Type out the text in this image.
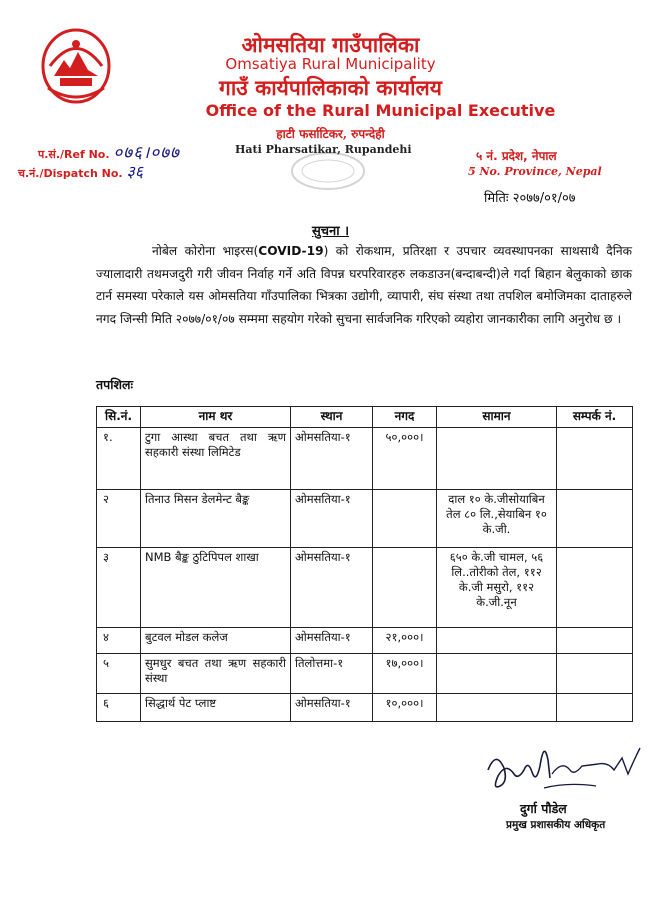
ओमसतिया गाउँपालिका
Omsatiya Rural Municipality
गाउँ कार्यपालिकाको कार्यालय
Office of the Rural Municipal Executive
हाटी फर्साटिकर, रुपन्देही
प.सं./Ref No. ०७६।०७७
च.नं./Dispatch No. ३६
Hati Pharsatikar, Rupandehi	५ नं. प्रदेश, नेपाल
5 No. Province, Nepal
मितिः २०७७/०१/०७
सुचना ।
नोबेल कोरोना भाइरस(COVID-19) को रोकथाम, प्रतिरक्षा र उपचार व्यवस्थापनका साथसाथै दैनिक ज्यालादारी तथमजदुरी गरी जीवन निर्वाह गर्ने अति विपन्न घरपरिवारहरु लकडाउन(बन्दाबन्दी)ले गर्दा बिहान बेलुकाको छाक टार्न समस्या परेकाले यस ओमसतिया गाँउपालिका भित्रका उद्योगी, व्यापारी, संघ संस्था तथा तपशिल बमोजिमका दाताहरुले नगद जिन्सी मिति २०७७/०१/०७ सम्ममा सहयोग गरेको सुचना सार्वजनिक गरिएको व्यहोरा जानकारीका लागि अनुरोध छ ।
तपशिलः
सि.नं.	नाम थर	स्थान	नगद	सामान	सम्पर्क नं.
१.	टुगा आस्था बचत तथा ऋण सहकारी संस्था लिमिटेड	ओमसतिया-१	५०,०००।		
२	तिनाउ मिसन डेलमेन्ट बैङ्क	ओमसतिया-१		दाल १० के.जीसोयाबिन तेल ८० लि.,सेयाबिन १० के.जी.	
३	NMB बैङ्क ठुटिपिपल शाखा	ओमसतिया-१		६५० के.जी चामल, ५६ लि..तोरीको तेल, ११२ के.जी मसुरो, ११२ के.जी.नून	
४	बुटवल मोडल कलेज	ओमसतिया-१	२१,०००।		
५	सुमधुर बचत तथा ऋण सहकारी संस्था	तिलोत्तमा-१	१७,०००।		
६	सिद्धार्थ पेट प्लाष्ट	ओमसतिया-१	१०,०००।		
दुर्गा पौडेल
प्रमुख प्रशासकीय अधिकृत
